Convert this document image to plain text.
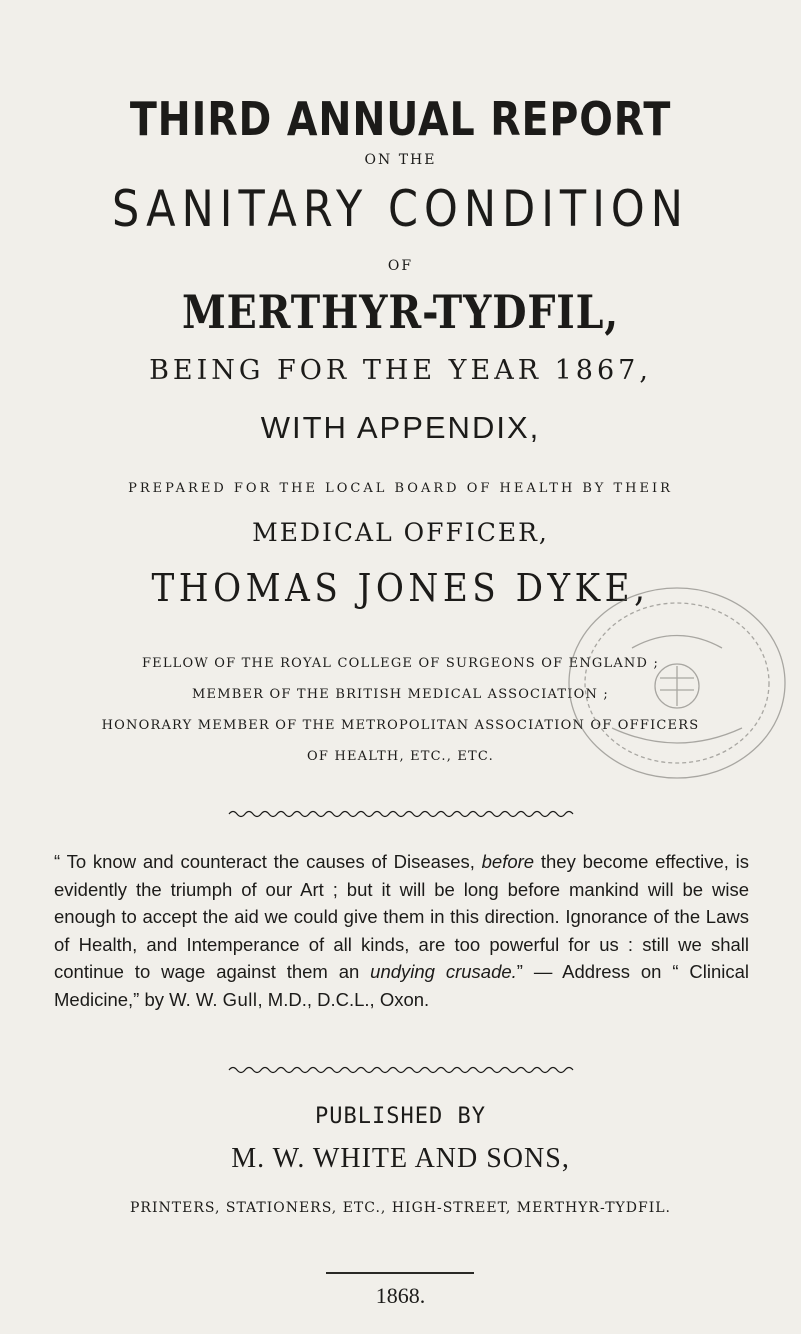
THIRD ANNUAL REPORT
ON THE
SANITARY CONDITION
OF
MERTHYR-TYDFIL,
BEING FOR THE YEAR 1867,
WITH APPENDIX,
PREPARED FOR THE LOCAL BOARD OF HEALTH BY THEIR
MEDICAL OFFICER,
THOMAS JONES DYKE,
FELLOW OF THE ROYAL COLLEGE OF SURGEONS OF ENGLAND ;
MEMBER OF THE BRITISH MEDICAL ASSOCIATION ;
HONORARY MEMBER OF THE METROPOLITAN ASSOCIATION OF OFFICERS
OF HEALTH, ETC., ETC.
“ To know and counteract the causes of Diseases, before they become effective, is evidently the triumph of our Art ; but it will be long before mankind will be wise enough to accept the aid we could give them in this direction. Ignorance of the Laws of Health, and Intemperance of all kinds, are too powerful for us : still we shall continue to wage against them an undying crusade.” — Address on “ Clinical Medicine,” by W. W. Gull, M.D., D.C.L., Oxon.
PUBLISHED BY
M. W. WHITE AND SONS,
PRINTERS, STATIONERS, ETC., HIGH-STREET, MERTHYR-TYDFIL.
1868.
